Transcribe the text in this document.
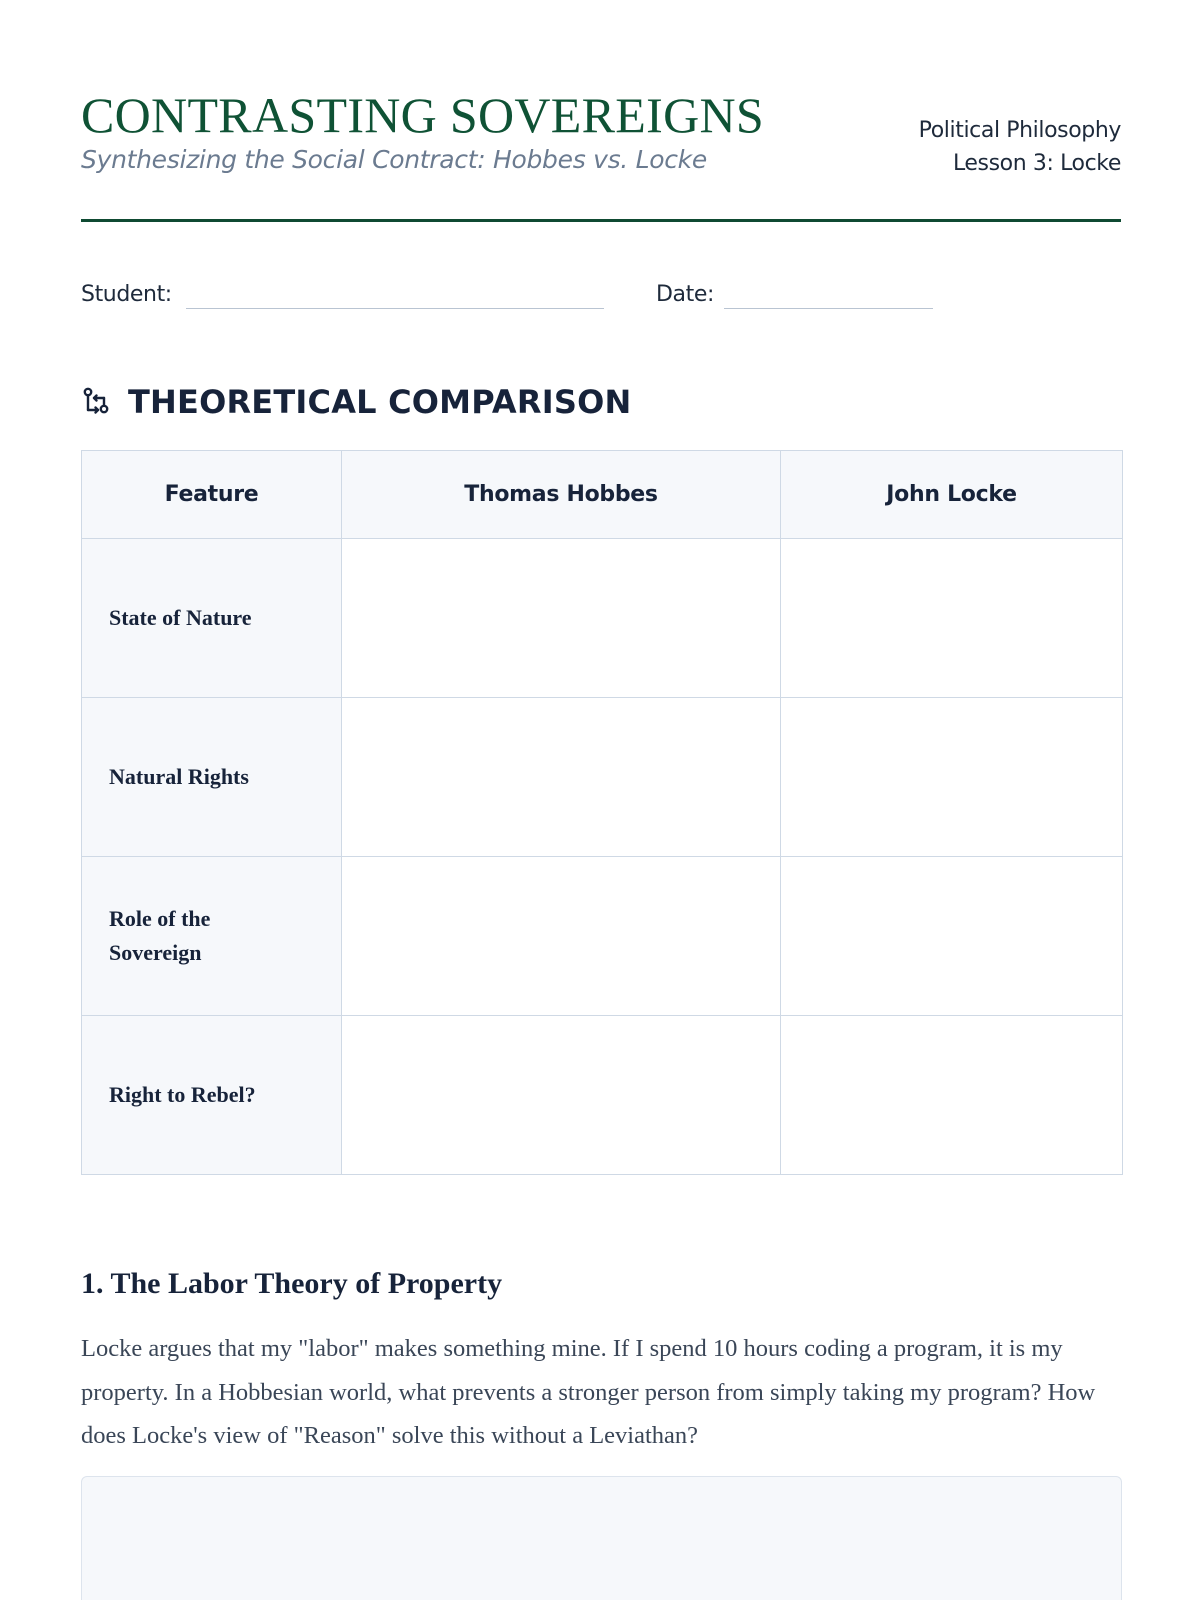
CONTRASTING SOVEREIGNS

Synthesizing the Social Contract: Hobbes vs. Locke

Political Philosophy
Lesson 3: Locke
Student:	Date:
THEORETICAL COMPARISON
Feature	Thomas Hobbes	John Locke
State of Nature		
Natural Rights		
Role of the Sovereign		
Right to Rebel?		
1. The Labor Theory of Property

Locke argues that my "labor" makes something mine. If I spend 10 hours coding a program, it is my property. In a Hobbesian world, what prevents a stronger person from simply taking my program? How does Locke's view of "Reason" solve this without a Leviathan?
